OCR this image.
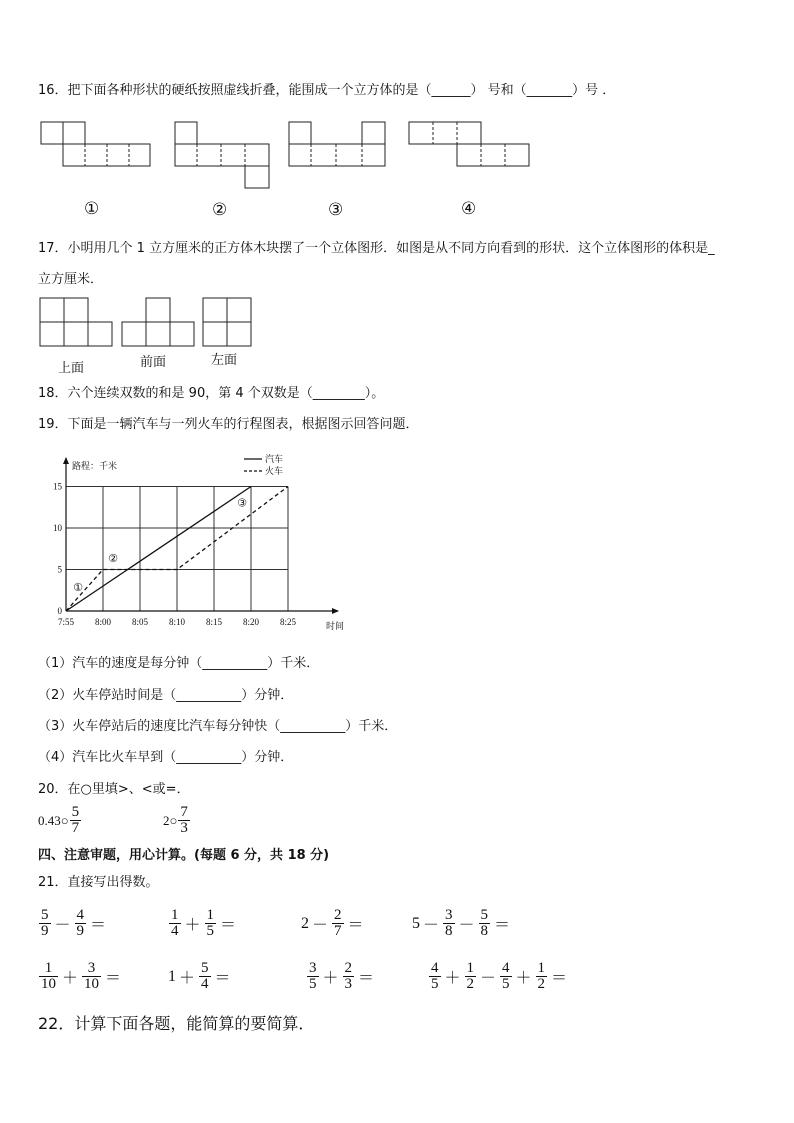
16．把下面各种形状的硬纸按照虚线折叠，能围成一个立方体的是（______） 号和（_______）号 ．
①	②	③	④
17．小明用几个 1 立方厘米的正方体木块摆了一个立体图形．如图是从不同方向看到的形状．这个立体图形的体积是_
立方厘米．
上面	前面	左面
18．六个连续双数的和是 90，第 4 个双数是（________）。
19．下面是一辆汽车与一列火车的行程图表，根据图示回答问题．
7:55 8:00 8:05 8:10 8:15 8:20 8:25
0
5
10
15
路程：千米
时间
汽车
火车
①
②
③
（1）汽车的速度是每分钟（__________）千米．
（2）火车停站时间是（__________）分钟．
（3）火车停站后的速度比汽车每分钟快（__________）千米．
（4）汽车比火车早到（__________）分钟．
20．在○里填>、<或=．
0.43○ $\frac{5}{7}$	2○ $\frac{7}{3}$
四、注意审题，用心计算。(每题 6 分，共 18 分)
21．直接写出得数。
$\frac{5}{9} - \frac{4}{9}$ ＝	$\frac{1}{4} + \frac{1}{5}$ ＝	$2 - \frac{2}{7}$ ＝	$5 - \frac{3}{8} - \frac{5}{8}$ ＝
$\frac{1}{10} + \frac{3}{10}$ ＝	$1 + \frac{5}{4}$ ＝	$\frac{3}{5} + \frac{2}{3}$ ＝	$\frac{4}{5} + \frac{1}{2} - \frac{4}{5} + \frac{1}{2}$ ＝
22．计算下面各题，能简算的要简算．
